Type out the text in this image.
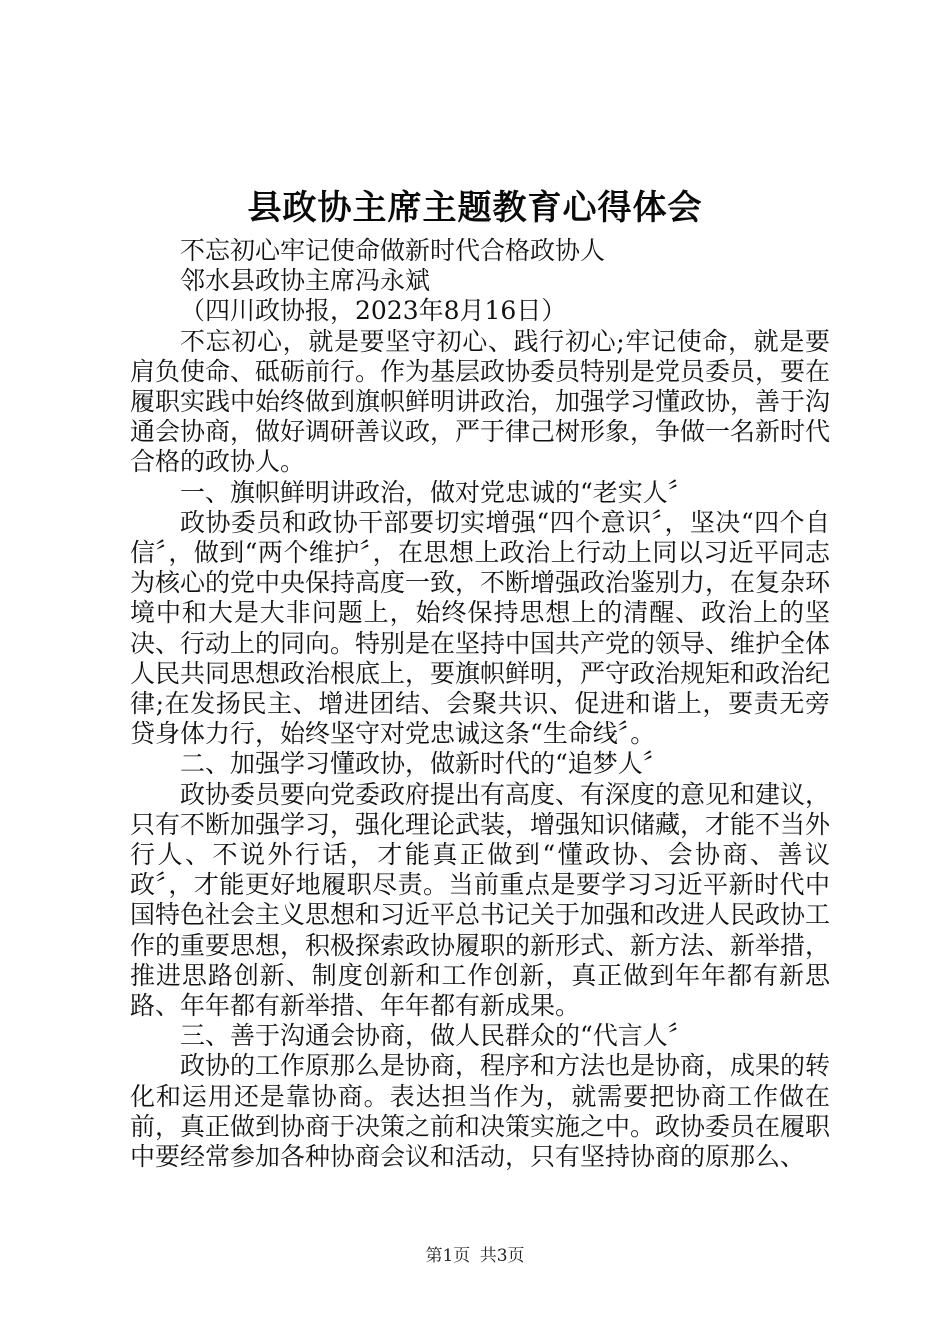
县政协主席主题教育心得体会

不忘初心牢记使命做新时代合格政协人

邻水县政协主席冯永斌

（四川政协报，2023年8月16日）

不忘初心，就是要坚守初心、践行初心;牢记使命，就是要肩负使命、砥砺前行。作为基层政协委员特别是党员委员，要在履职实践中始终做到旗帜鲜明讲政治，加强学习懂政协，善于沟通会协商，做好调研善议政，严于律己树形象，争做一名新时代合格的政协人。

一、旗帜鲜明讲政治，做对党忠诚的“老实人〞

政协委员和政协干部要切实增强“四个意识〞，坚决“四个自信〞，做到“两个维护〞，在思想上政治上行动上同以习近平同志为核心的党中央保持高度一致，不断增强政治鉴别力，在复杂环境中和大是大非问题上，始终保持思想上的清醒、政治上的坚决、行动上的同向。特别是在坚持中国共产党的领导、维护全体人民共同思想政治根底上，要旗帜鲜明，严守政治规矩和政治纪律;在发扬民主、增进团结、会聚共识、促进和谐上，要责无旁贷身体力行，始终坚守对党忠诚这条“生命线〞。

二、加强学习懂政协，做新时代的“追梦人〞

政协委员要向党委政府提出有高度、有深度的意见和建议，只有不断加强学习，强化理论武装，增强知识储藏，才能不当外行人、不说外行话，才能真正做到“懂政协、会协商、善议政〞，才能更好地履职尽责。当前重点是要学习习近平新时代中国特色社会主义思想和习近平总书记关于加强和改进人民政协工作的重要思想，积极探索政协履职的新形式、新方法、新举措，推进思路创新、制度创新和工作创新，真正做到年年都有新思路、年年都有新举措、年年都有新成果。

三、善于沟通会协商，做人民群众的“代言人〞

政协的工作原那么是协商，程序和方法也是协商，成果的转化和运用还是靠协商。表达担当作为，就需要把协商工作做在前，真正做到协商于决策之前和决策实施之中。政协委员在履职中要经常参加各种协商会议和活动，只有坚持协商的原那么、

第1页 共3页
